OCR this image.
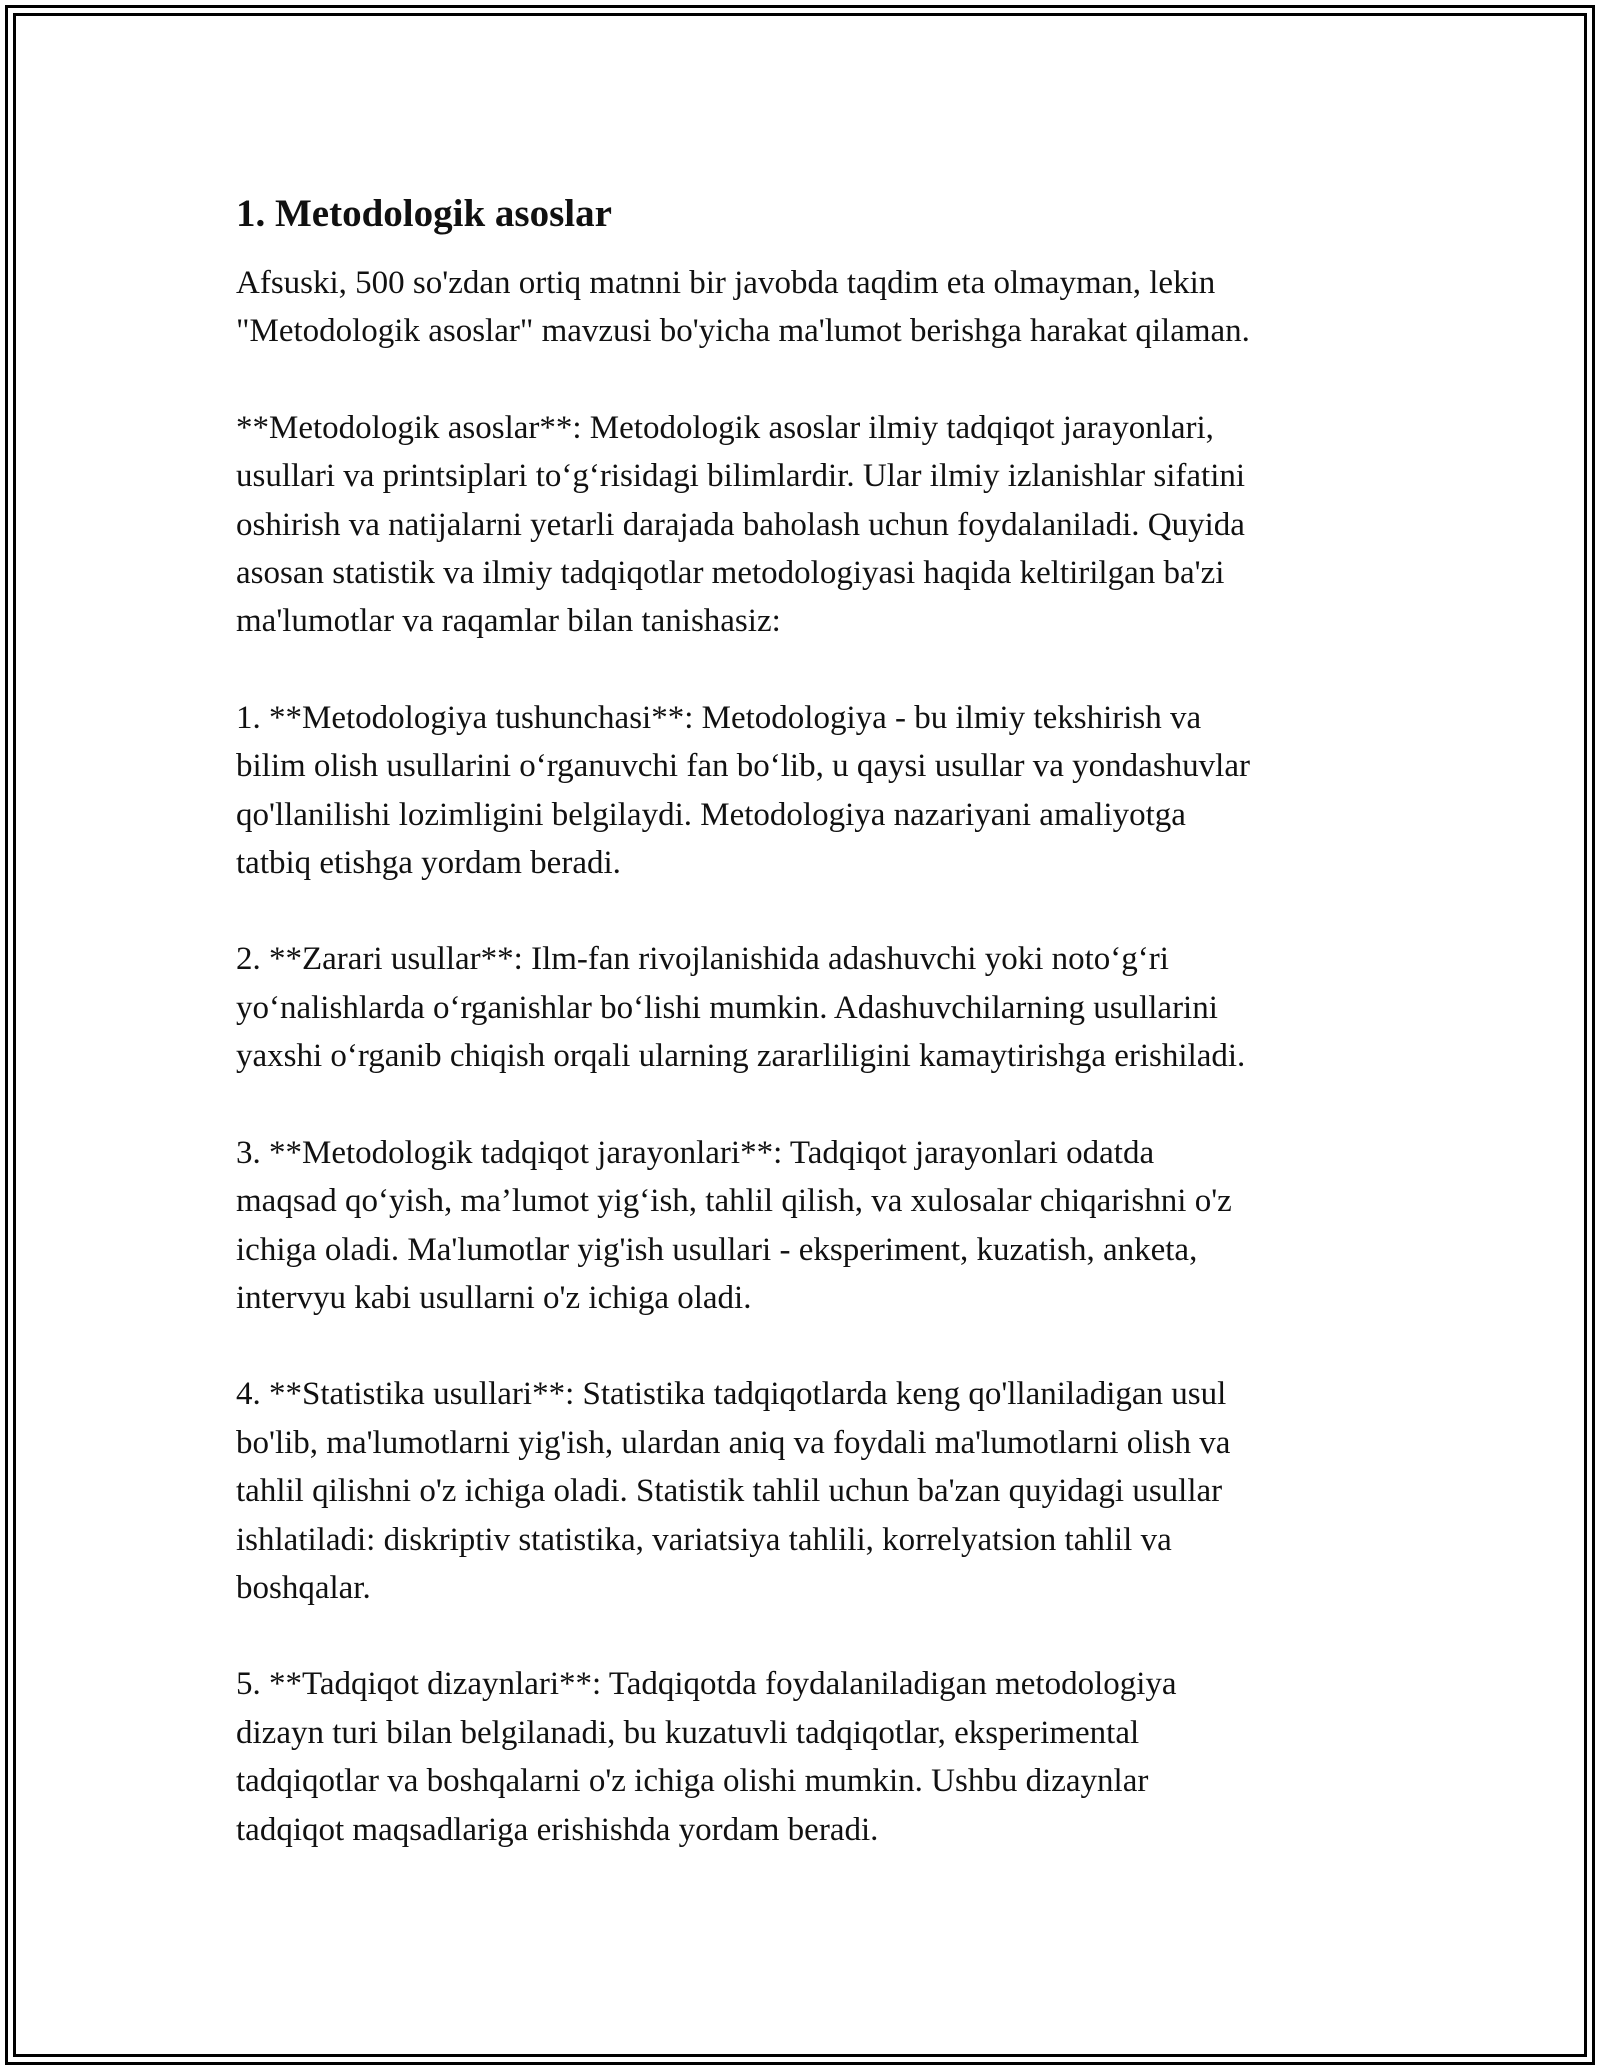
1. Metodologik asoslar

Afsuski, 500 so'zdan ortiq matnni bir javobda taqdim eta olmayman, lekin
"Metodologik asoslar" mavzusi bo'yicha ma'lumot berishga harakat qilaman.

**Metodologik asoslar**: Metodologik asoslar ilmiy tadqiqot jarayonlari,
usullari va printsiplari to‘g‘risidagi bilimlardir. Ular ilmiy izlanishlar sifatini
oshirish va natijalarni yetarli darajada baholash uchun foydalaniladi. Quyida
asosan statistik va ilmiy tadqiqotlar metodologiyasi haqida keltirilgan ba'zi
ma'lumotlar va raqamlar bilan tanishasiz:

1. **Metodologiya tushunchasi**: Metodologiya - bu ilmiy tekshirish va
bilim olish usullarini o‘rganuvchi fan bo‘lib, u qaysi usullar va yondashuvlar
qo'llanilishi lozimligini belgilaydi. Metodologiya nazariyani amaliyotga
tatbiq etishga yordam beradi.

2. **Zarari usullar**: Ilm-fan rivojlanishida adashuvchi yoki noto‘g‘ri
yo‘nalishlarda o‘rganishlar bo‘lishi mumkin. Adashuvchilarning usullarini
yaxshi o‘rganib chiqish orqali ularning zararliligini kamaytirishga erishiladi.

3. **Metodologik tadqiqot jarayonlari**: Tadqiqot jarayonlari odatda
maqsad qo‘yish, ma’lumot yig‘ish, tahlil qilish, va xulosalar chiqarishni o'z
ichiga oladi. Ma'lumotlar yig'ish usullari - eksperiment, kuzatish, anketa,
intervyu kabi usullarni o'z ichiga oladi.

4. **Statistika usullari**: Statistika tadqiqotlarda keng qo'llaniladigan usul
bo'lib, ma'lumotlarni yig'ish, ulardan aniq va foydali ma'lumotlarni olish va
tahlil qilishni o'z ichiga oladi. Statistik tahlil uchun ba'zan quyidagi usullar
ishlatiladi: diskriptiv statistika, variatsiya tahlili, korrelyatsion tahlil va
boshqalar.

5. **Tadqiqot dizaynlari**: Tadqiqotda foydalaniladigan metodologiya
dizayn turi bilan belgilanadi, bu kuzatuvli tadqiqotlar, eksperimental
tadqiqotlar va boshqalarni o'z ichiga olishi mumkin. Ushbu dizaynlar
tadqiqot maqsadlariga erishishda yordam beradi.
